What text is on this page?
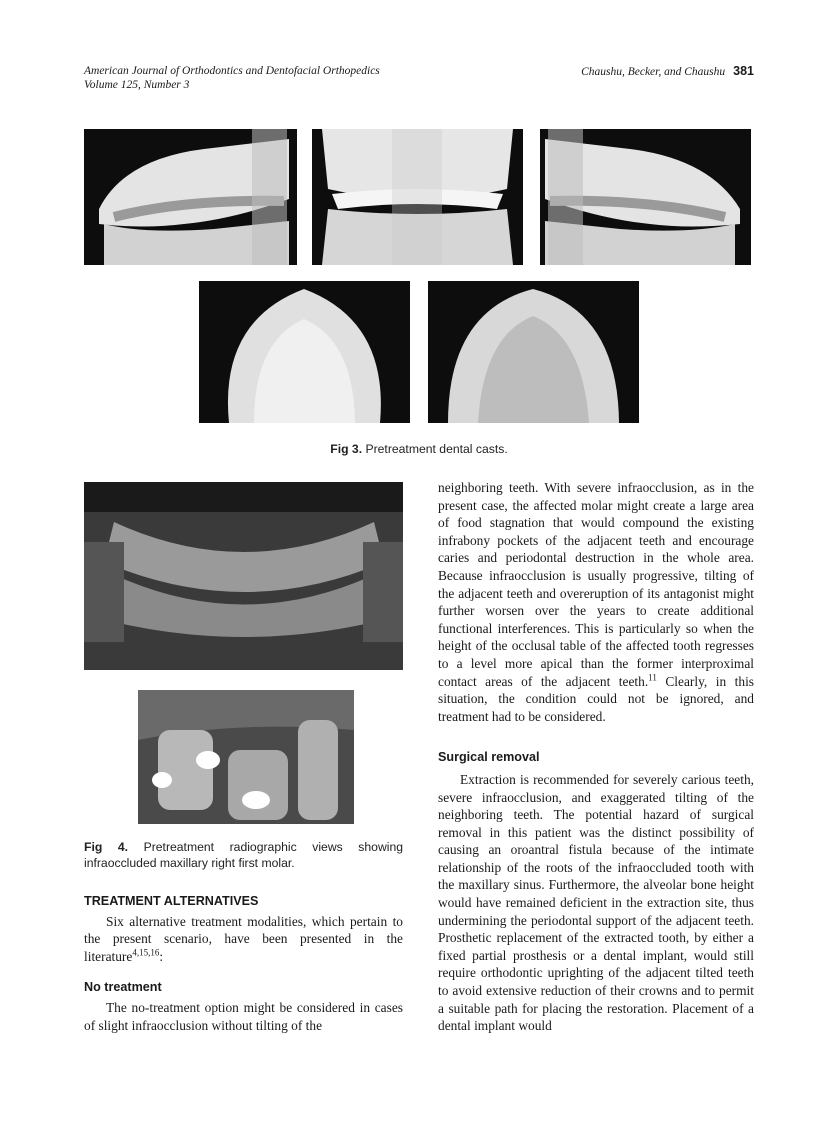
American Journal of Orthodontics and Dentofacial Orthopedics
Volume 125, Number 3
Chaushu, Becker, and Chaushu 381
Fig 3. Pretreatment dental casts.
Fig 4. Pretreatment radiographic views showing infraoccluded maxillary right first molar.
TREATMENT ALTERNATIVES

Six alternative treatment modalities, which pertain to the present scenario, have been presented in the literature$^{4,15,16}$:

No treatment

The no-treatment option might be considered in cases of slight infraocclusion without tilting of the

neighboring teeth. With severe infraocclusion, as in the present case, the affected molar might create a large area of food stagnation that would compound the existing infrabony pockets of the adjacent teeth and encourage caries and periodontal destruction in the whole area. Because infraocclusion is usually progressive, tilting of the adjacent teeth and overeruption of its antagonist might further worsen over the years to create additional functional interferences. This is particularly so when the height of the occlusal table of the affected tooth regresses to a level more apical than the former interproximal contact areas of the adjacent teeth.$^{11}$ Clearly, in this situation, the condition could not be ignored, and treatment had to be considered.

Surgical removal

Extraction is recommended for severely carious teeth, severe infraocclusion, and exaggerated tilting of the neighboring teeth. The potential hazard of surgical removal in this patient was the distinct possibility of causing an oroantral fistula because of the intimate relationship of the roots of the infraoccluded tooth with the maxillary sinus. Furthermore, the alveolar bone height would have remained deficient in the extraction site, thus undermining the periodontal support of the adjacent teeth. Prosthetic replacement of the extracted tooth, by either a fixed partial prosthesis or a dental implant, would still require orthodontic uprighting of the adjacent tilted teeth to avoid extensive reduction of their crowns and to permit a suitable path for placing the restoration. Placement of a dental implant would
